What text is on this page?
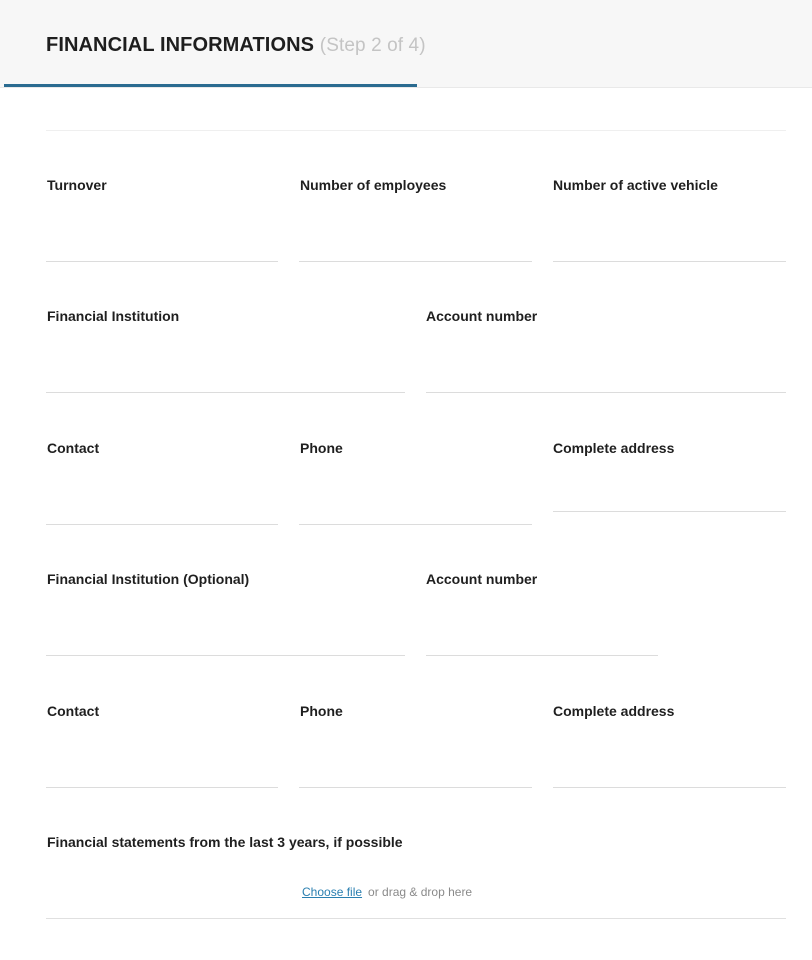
FINANCIAL INFORMATIONS (Step 2 of 4)
Turnover	Number of employees	Number of active vehicle
Financial Institution	Account number
Contact	Phone	Complete address
Financial Institution (Optional)	Account number
Contact	Phone	Complete address
Financial statements from the last 3 years, if possible
Choose file or drag & drop here
